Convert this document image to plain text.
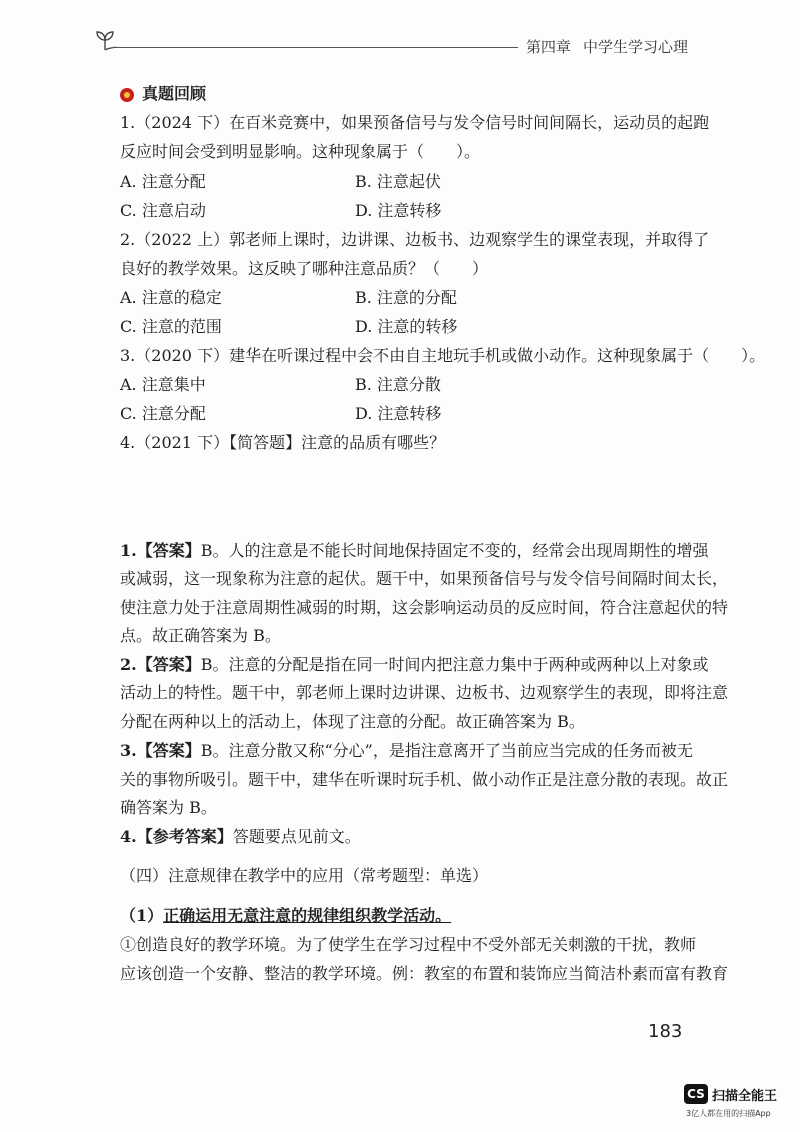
第四章 中学生学习心理
真题回顾
1.（2024 下）在百米竞赛中，如果预备信号与发令信号时间间隔长，运动员的起跑
反应时间会受到明显影响。这种现象属于（　　）。
A. 注意分配	B. 注意起伏
C. 注意启动	D. 注意转移
2.（2022 上）郭老师上课时，边讲课、边板书、边观察学生的课堂表现，并取得了
良好的教学效果。这反映了哪种注意品质？（　　）
A. 注意的稳定	B. 注意的分配
C. 注意的范围	D. 注意的转移
3.（2020 下）建华在听课过程中会不由自主地玩手机或做小动作。这种现象属于（　　）。
A. 注意集中	B. 注意分散
C. 注意分配	D. 注意转移
4.（2021 下）【简答题】注意的品质有哪些？
1.【答案】B。人的注意是不能长时间地保持固定不变的，经常会出现周期性的增强
或减弱，这一现象称为注意的起伏。题干中，如果预备信号与发令信号间隔时间太长，
使注意力处于注意周期性减弱的时期，这会影响运动员的反应时间，符合注意起伏的特
点。故正确答案为 B。
2.【答案】B。注意的分配是指在同一时间内把注意力集中于两种或两种以上对象或
活动上的特性。题干中，郭老师上课时边讲课、边板书、边观察学生的表现，即将注意
分配在两种以上的活动上，体现了注意的分配。故正确答案为 B。
3.【答案】B。注意分散又称“分心”，是指注意离开了当前应当完成的任务而被无
关的事物所吸引。题干中，建华在听课时玩手机、做小动作正是注意分散的表现。故正
确答案为 B。
4.【参考答案】答题要点见前文。
（四）注意规律在教学中的应用（常考题型：单选）
（1）正确运用无意注意的规律组织教学活动。
①创造良好的教学环境。为了使学生在学习过程中不受外部无关刺激的干扰，教师
应该创造一个安静、整洁的教学环境。例：教室的布置和装饰应当简洁朴素而富有教育
183
CS 扫描全能王
3亿人都在用的扫描App
